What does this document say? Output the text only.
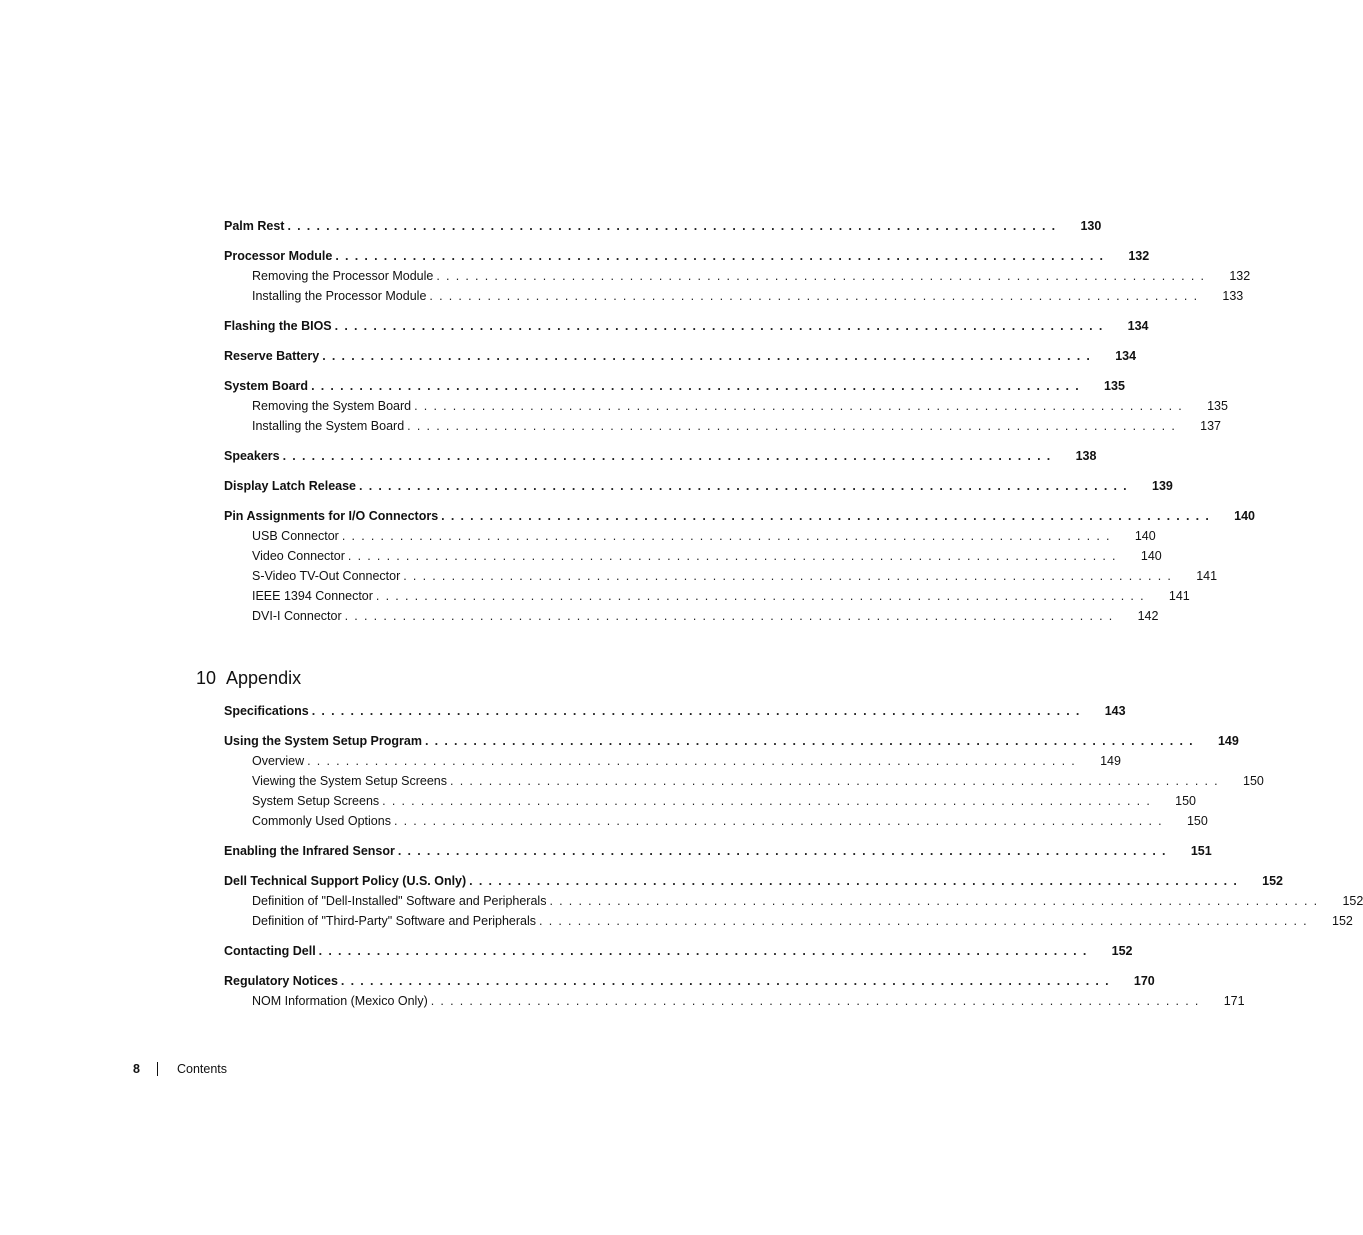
Palm Rest ................................................................................	130
Processor Module ................................................................................	132
Removing the Processor Module ................................................................................	132
Installing the Processor Module ................................................................................	133
Flashing the BIOS ................................................................................	134
Reserve Battery ................................................................................	134
System Board ................................................................................	135
Removing the System Board ................................................................................	135
Installing the System Board ................................................................................	137
Speakers ................................................................................	138
Display Latch Release ................................................................................	139
Pin Assignments for I/O Connectors ................................................................................	140
USB Connector ................................................................................	140
Video Connector ................................................................................	140
S-Video TV-Out Connector ................................................................................	141
IEEE 1394 Connector ................................................................................	141
DVI-I Connector ................................................................................	142
10 Appendix
Specifications ................................................................................	143
Using the System Setup Program ................................................................................	149
Overview ................................................................................	149
Viewing the System Setup Screens ................................................................................	150
System Setup Screens ................................................................................	150
Commonly Used Options ................................................................................	150
Enabling the Infrared Sensor ................................................................................	151
Dell Technical Support Policy (U.S. Only) ................................................................................	152
Definition of "Dell-Installed" Software and Peripherals ................................................................................	152
Definition of "Third-Party" Software and Peripherals ................................................................................	152
Contacting Dell ................................................................................	152
Regulatory Notices ................................................................................	170
NOM Information (Mexico Only) ................................................................................	171
8	Contents
